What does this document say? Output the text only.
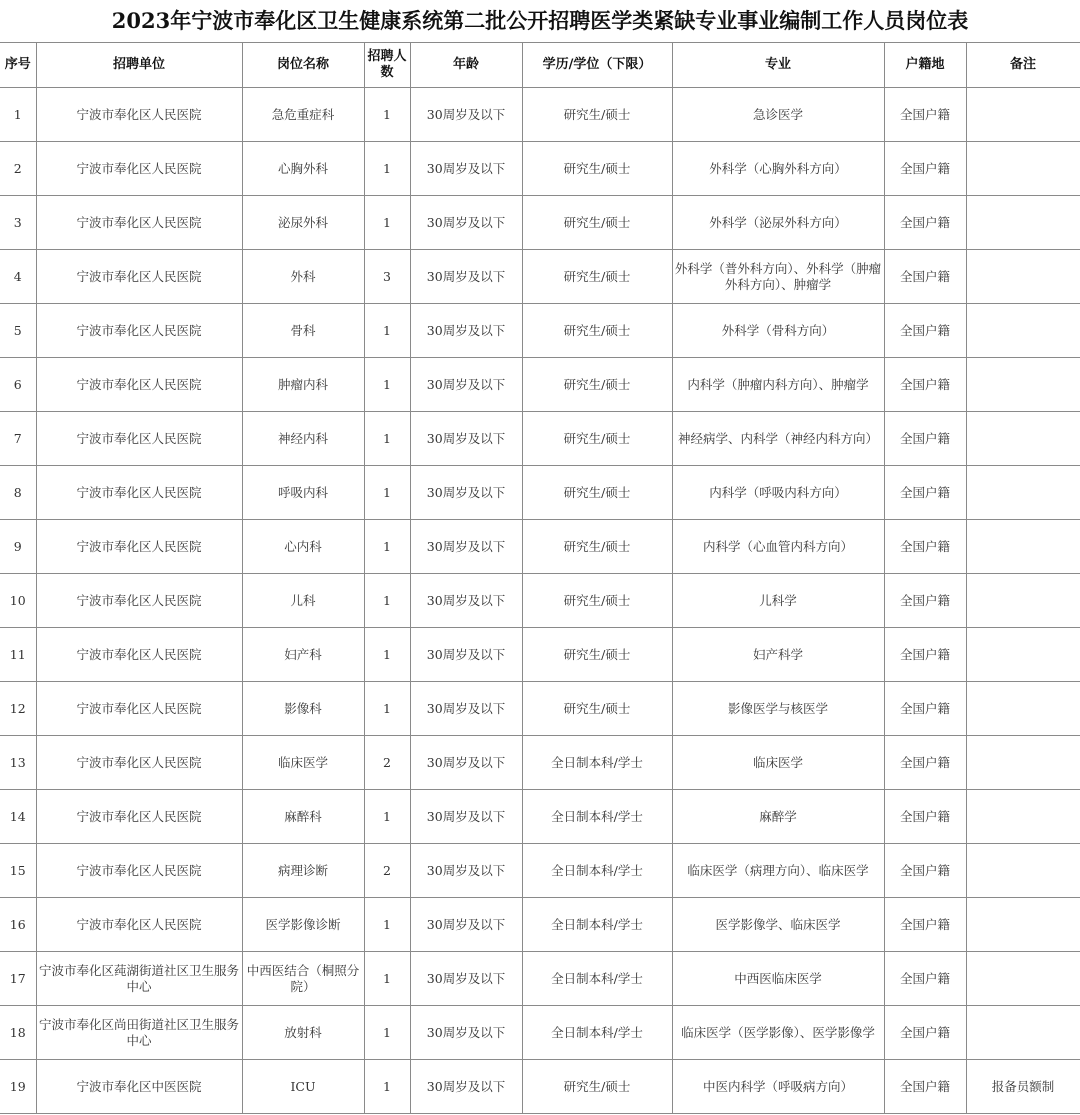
2023年宁波市奉化区卫生健康系统第二批公开招聘医学类紧缺专业事业编制工作人员岗位表
序号	招聘单位	岗位名称	招聘人数	年龄	学历/学位（下限）	专业	户籍地	备注
1	宁波市奉化区人民医院	急危重症科	1	30周岁及以下	研究生/硕士	急诊医学	全国户籍	
2	宁波市奉化区人民医院	心胸外科	1	30周岁及以下	研究生/硕士	外科学（心胸外科方向）	全国户籍	
3	宁波市奉化区人民医院	泌尿外科	1	30周岁及以下	研究生/硕士	外科学（泌尿外科方向）	全国户籍	
4	宁波市奉化区人民医院	外科	3	30周岁及以下	研究生/硕士	外科学（普外科方向）、外科学（肿瘤外科方向）、肿瘤学	全国户籍	
5	宁波市奉化区人民医院	骨科	1	30周岁及以下	研究生/硕士	外科学（骨科方向）	全国户籍	
6	宁波市奉化区人民医院	肿瘤内科	1	30周岁及以下	研究生/硕士	内科学（肿瘤内科方向）、肿瘤学	全国户籍	
7	宁波市奉化区人民医院	神经内科	1	30周岁及以下	研究生/硕士	神经病学、内科学（神经内科方向）	全国户籍	
8	宁波市奉化区人民医院	呼吸内科	1	30周岁及以下	研究生/硕士	内科学（呼吸内科方向）	全国户籍	
9	宁波市奉化区人民医院	心内科	1	30周岁及以下	研究生/硕士	内科学（心血管内科方向）	全国户籍	
10	宁波市奉化区人民医院	儿科	1	30周岁及以下	研究生/硕士	儿科学	全国户籍	
11	宁波市奉化区人民医院	妇产科	1	30周岁及以下	研究生/硕士	妇产科学	全国户籍	
12	宁波市奉化区人民医院	影像科	1	30周岁及以下	研究生/硕士	影像医学与核医学	全国户籍	
13	宁波市奉化区人民医院	临床医学	2	30周岁及以下	全日制本科/学士	临床医学	全国户籍	
14	宁波市奉化区人民医院	麻醉科	1	30周岁及以下	全日制本科/学士	麻醉学	全国户籍	
15	宁波市奉化区人民医院	病理诊断	2	30周岁及以下	全日制本科/学士	临床医学（病理方向）、临床医学	全国户籍	
16	宁波市奉化区人民医院	医学影像诊断	1	30周岁及以下	全日制本科/学士	医学影像学、临床医学	全国户籍	
17	宁波市奉化区莼湖街道社区卫生服务中心	中西医结合（桐照分院）	1	30周岁及以下	全日制本科/学士	中西医临床医学	全国户籍	
18	宁波市奉化区尚田街道社区卫生服务中心	放射科	1	30周岁及以下	全日制本科/学士	临床医学（医学影像）、医学影像学	全国户籍	
19	宁波市奉化区中医医院	ICU	1	30周岁及以下	研究生/硕士	中医内科学（呼吸病方向）	全国户籍	报备员额制
